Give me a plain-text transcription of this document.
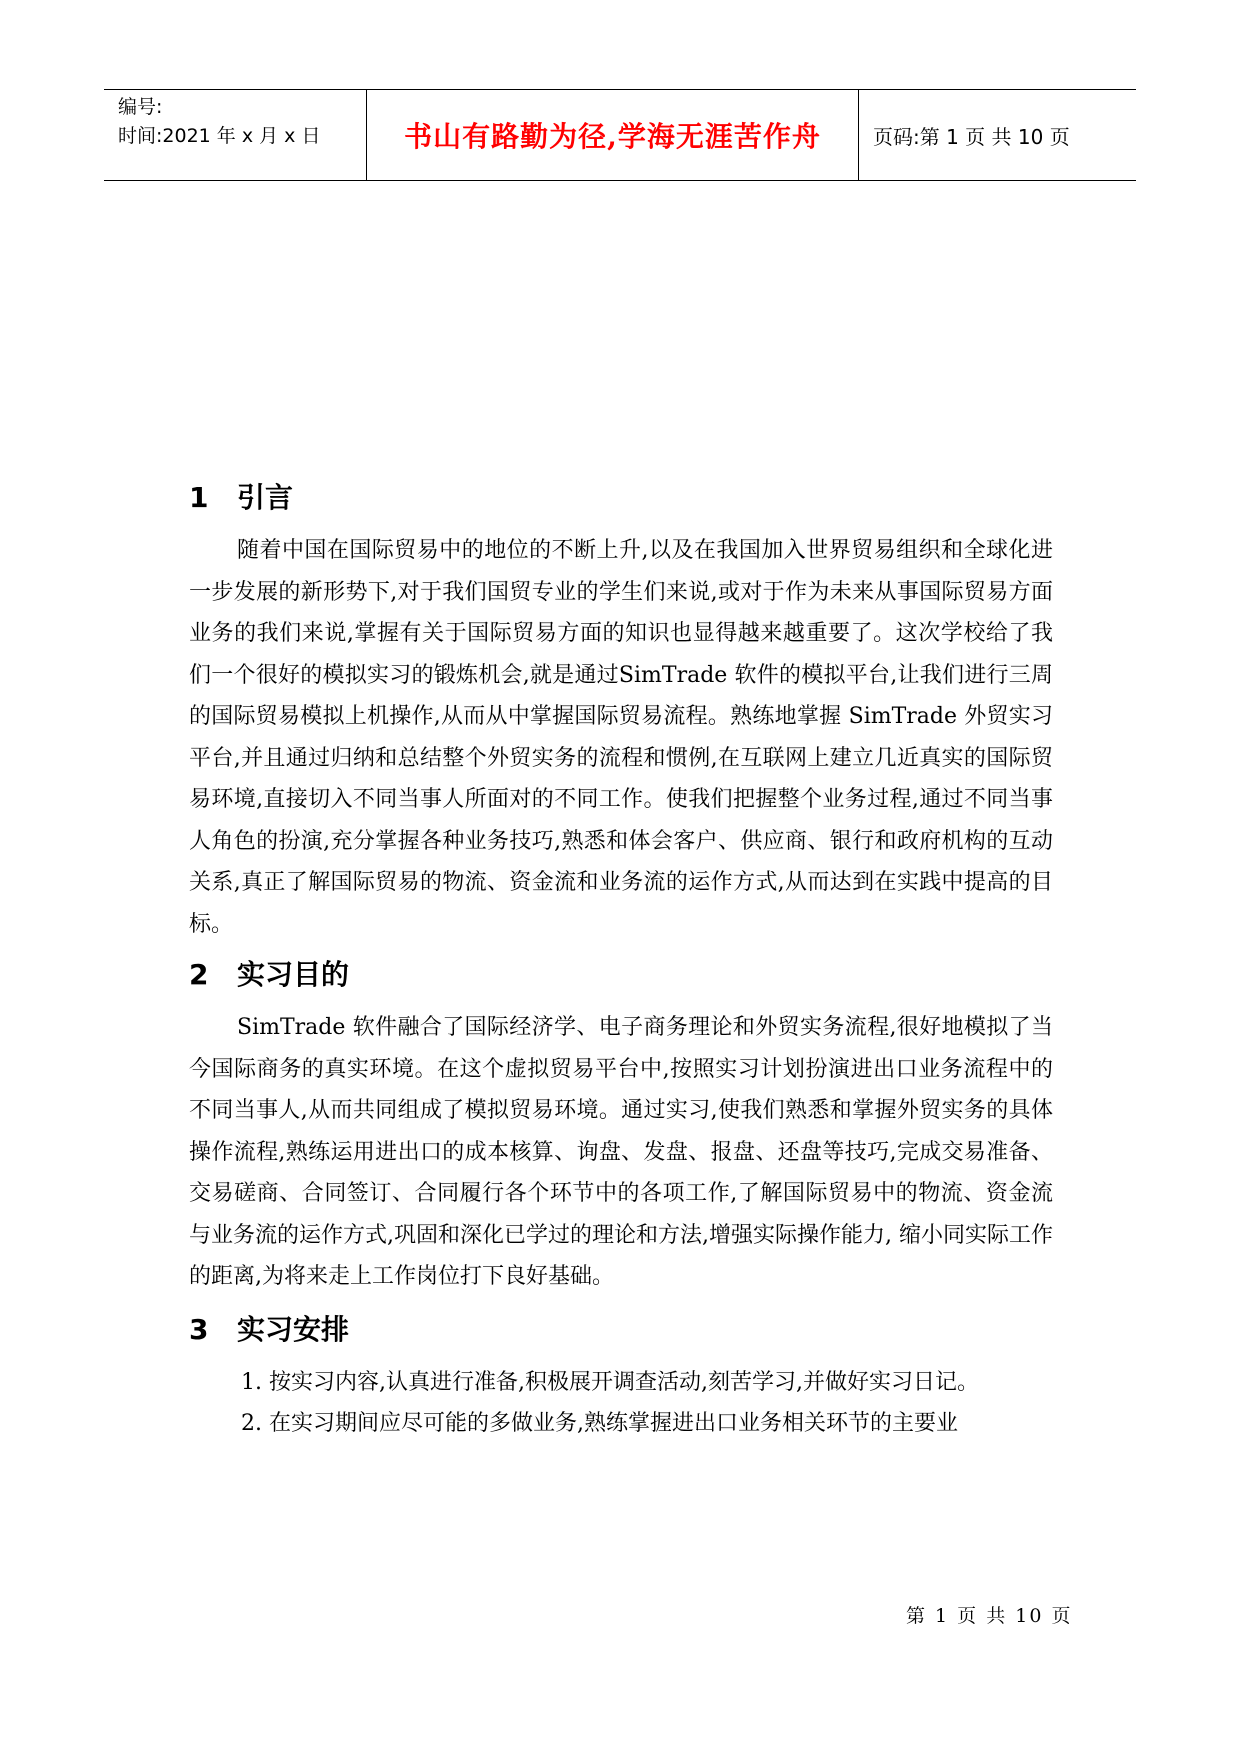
编号:
时间:2021 年 x 月 x 日	书山有路勤为径,学海无涯苦作舟	页码:第 1 页 共 10 页
1 引言

随着中国在国际贸易中的地位的不断上升,以及在我国加入世界贸易组织和全球化进一步发展的新形势下,对于我们国贸专业的学生们来说,或对于作为未来从事国际贸易方面业务的我们来说,掌握有关于国际贸易方面的知识也显得越来越重要了。这次学校给了我们一个很好的模拟实习的锻炼机会,就是通过SimTrade 软件的模拟平台,让我们进行三周的国际贸易模拟上机操作,从而从中掌握国际贸易流程。熟练地掌握 SimTrade 外贸实习平台,并且通过归纳和总结整个外贸实务的流程和惯例,在互联网上建立几近真实的国际贸易环境,直接切入不同当事人所面对的不同工作。使我们把握整个业务过程,通过不同当事人角色的扮演,充分掌握各种业务技巧,熟悉和体会客户、供应商、银行和政府机构的互动关系,真正了解国际贸易的物流、资金流和业务流的运作方式,从而达到在实践中提高的目标。

2 实习目的

SimTrade 软件融合了国际经济学、电子商务理论和外贸实务流程,很好地模拟了当今国际商务的真实环境。在这个虚拟贸易平台中,按照实习计划扮演进出口业务流程中的不同当事人,从而共同组成了模拟贸易环境。通过实习,使我们熟悉和掌握外贸实务的具体操作流程,熟练运用进出口的成本核算、询盘、发盘、报盘、还盘等技巧,完成交易准备、交易磋商、合同签订、合同履行各个环节中的各项工作,了解国际贸易中的物流、资金流与业务流的运作方式,巩固和深化已学过的理论和方法,增强实际操作能力, 缩小同实际工作的距离,为将来走上工作岗位打下良好基础。

3 实习安排

1. 按实习内容,认真进行准备,积极展开调查活动,刻苦学习,并做好实习日记。

2. 在实习期间应尽可能的多做业务,熟练掌握进出口业务相关环节的主要业

第 1 页 共 10 页
